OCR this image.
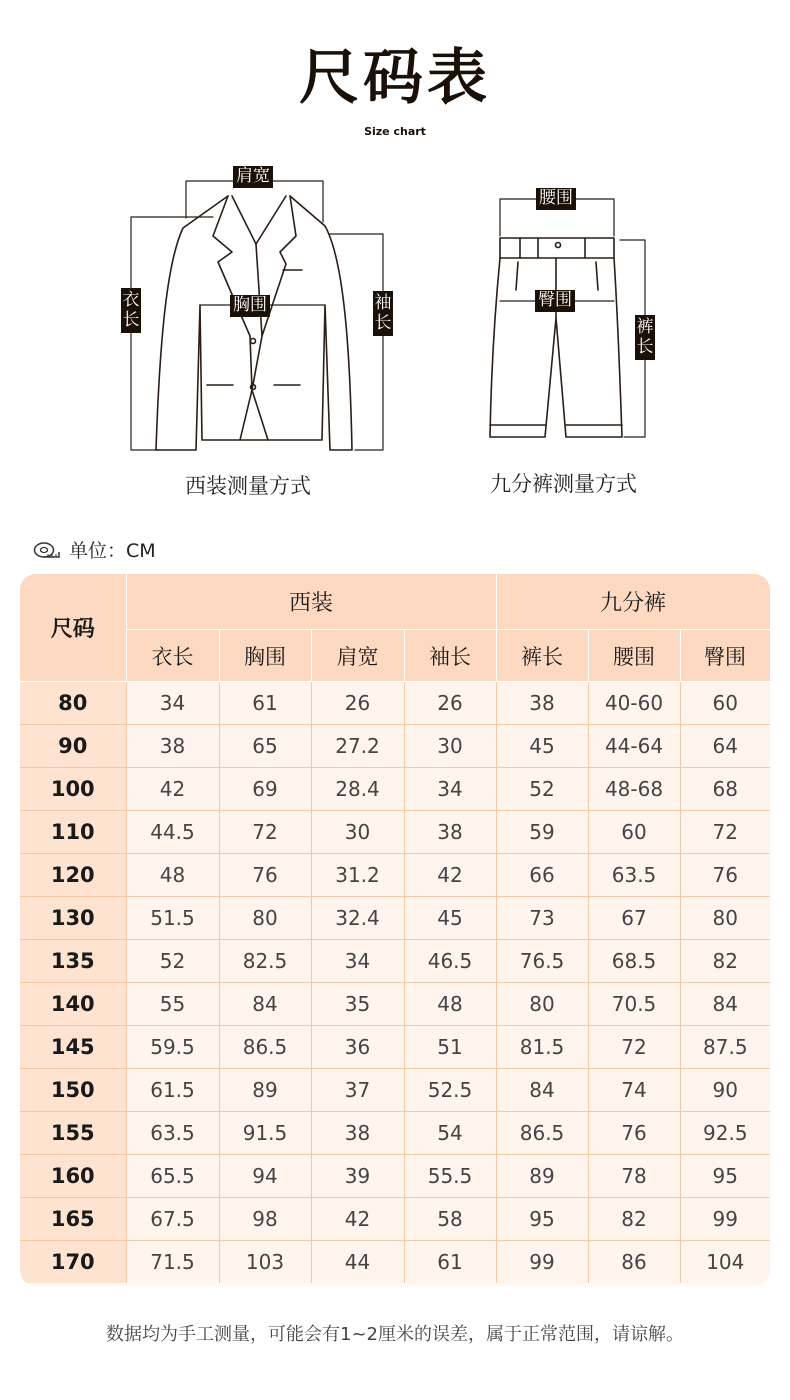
尺码表
Size chart
肩宽
衣长
胸围	袖长
腰围
臀围
裤长
西装测量方式	九分裤测量方式
单位：CM
尺码	西装				九分裤		
	衣长	胸围	肩宽	袖长	裤长	腰围	臀围
80	34	61	26	26	38	40-60	60
90	38	65	27.2	30	45	44-64	64
100	42	69	28.4	34	52	48-68	68
110	44.5	72	30	38	59	60	72
120	48	76	31.2	42	66	63.5	76
130	51.5	80	32.4	45	73	67	80
135	52	82.5	34	46.5	76.5	68.5	82
140	55	84	35	48	80	70.5	84
145	59.5	86.5	36	51	81.5	72	87.5
150	61.5	89	37	52.5	84	74	90
155	63.5	91.5	38	54	86.5	76	92.5
160	65.5	94	39	55.5	89	78	95
165	67.5	98	42	58	95	82	99
170	71.5	103	44	61	99	86	104
数据均为手工测量，可能会有1~2厘米的误差，属于正常范围，请谅解。
